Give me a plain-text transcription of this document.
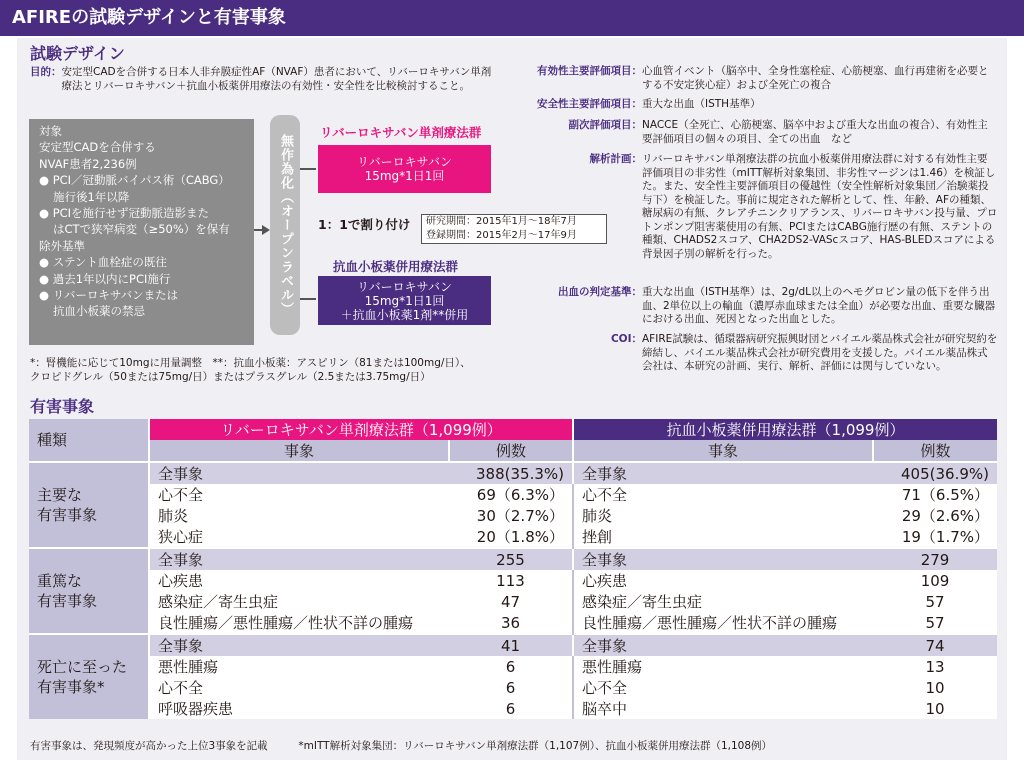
AFIREの試験デザインと有害事象
試験デザイン
目的： 安定型CADを合併する日本人非弁膜症性AF（NVAF）患者において、リバーロキサバン単剤療法とリバーロキサバン＋抗血小板薬併用療法の有効性・安全性を比較検討すること。
対象
安定型CADを合併する
NVAF患者2,236例
● PCI／冠動脈バイパス術（CABG）
施行後1年以降
● PCIを施行せず冠動脈造影また
はCTで狭窄病変（≥50%）を保有
除外基準
● ステント血栓症の既往
● 過去1年以内にPCI施行
● リバーロキサバンまたは
抗血小板薬の禁忌	無作為化（オープンラベル）
リバーロキサバン単剤療法群
リバーロキサバン
15mg*1日1回
1：1で割り付け 研究期間：2015年1月～18年7月
登録期間：2015年2月～17年9月
抗血小板薬併用療法群
リバーロキサバン
15mg*1日1回
＋抗血小板薬1剤**併用
*：腎機能に応じて10mgに用量調整　**：抗血小板薬：アスピリン（81または100mg/日）、
クロピドグレル（50または75mg/日）またはプラスグレル（2.5または3.75mg/日）
有効性主要評価項目： 心血管イベント（脳卒中、全身性塞栓症、心筋梗塞、血行再建術を必要とする不安定狭心症）および全死亡の複合
安全性主要評価項目： 重大な出血（ISTH基準）
副次評価項目： NACCE（全死亡、心筋梗塞、脳卒中および重大な出血の複合）、有効性主要評価項目の個々の項目、全ての出血　など
解析計画： リバーロキサバン単剤療法群の抗血小板薬併用療法群に対する有効性主要評価項目の非劣性（mITT解析対象集団、非劣性マージンは1.46）を検証した。また、安全性主要評価項目の優越性（安全性解析対象集団／治験薬投与下）を検証した。事前に規定された解析として、性、年齢、AFの種類、糖尿病の有無、クレアチニンクリアランス、リバーロキサバン投与量、プロトンポンプ阻害薬使用の有無、PCIまたはCABG施行歴の有無、ステントの種類、CHADS2スコア、CHA2DS2-VAScスコア、HAS-BLEDスコアによる背景因子別の解析を行った。
出血の判定基準： 重大な出血（ISTH基準）は、2g/dL以上のヘモグロビン量の低下を伴う出血、2単位以上の輸血（濃厚赤血球または全血）が必要な出血、重要な臓器における出血、死因となった出血とした。
COI： AFIRE試験は、循環器病研究振興財団とバイエル薬品株式会社が研究契約を締結し、バイエル薬品株式会社が研究費用を支援した。バイエル薬品株式会社は、本研究の計画、実行、解析、評価には関与していない。
有害事象
種類	リバーロキサバン単剤療法群（1,099例）		抗血小板薬併用療法群（1,099例）	
	事象	例数	事象	例数

主要な
有害事象	全事象	388(35.3%)	全事象	405(36.9%)
	心不全	69（6.3%）	心不全	71（6.5%）
	肺炎	30（2.7%）	肺炎	29（2.6%）
	狭心症	20（1.8%）	挫創	19（1.7%）

重篤な
有害事象	全事象	255	全事象	279
	心疾患	113	心疾患	109
	感染症／寄生虫症	47	感染症／寄生虫症	57
	良性腫瘍／悪性腫瘍／性状不詳の腫瘍	36	良性腫瘍／悪性腫瘍／性状不詳の腫瘍	57

死亡に至った
有害事象*	全事象	41	全事象	74
	悪性腫瘍	6	悪性腫瘍	13
	心不全	6	心不全	10
	呼吸器疾患	6	脳卒中	10
有害事象は、発現頻度が高かった上位3事象を記載	*mITT解析対象集団：リバーロキサバン単剤療法群（1,107例）、抗血小板薬併用療法群（1,108例）
